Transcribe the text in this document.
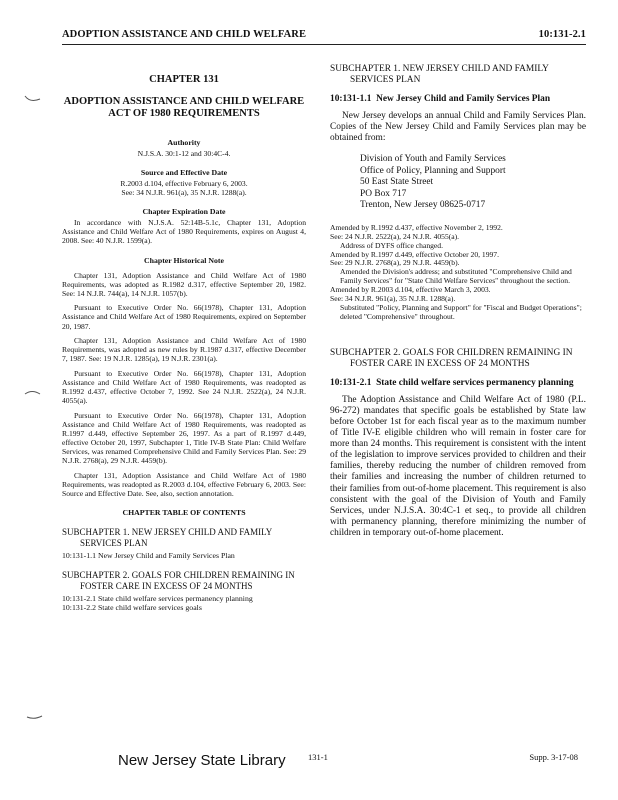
ADOPTION ASSISTANCE AND CHILD WELFARE	10:131-2.1
CHAPTER 131
ADOPTION ASSISTANCE AND CHILD WELFARE
ACT OF 1980 REQUIREMENTS
Authority
N.J.S.A. 30:1-12 and 30:4C-4.
Source and Effective Date
R.2003 d.104, effective February 6, 2003.
See: 34 N.J.R. 961(a), 35 N.J.R. 1288(a).
Chapter Expiration Date

In accordance with N.J.S.A. 52:14B-5.1c, Chapter 131, Adoption Assistance and Child Welfare Act of 1980 Requirements, expires on August 4, 2008. See: 40 N.J.R. 1599(a).

Chapter Historical Note

Chapter 131, Adoption Assistance and Child Welfare Act of 1980 Requirements, was adopted as R.1982 d.317, effective September 20, 1982. See: 14 N.J.R. 744(a), 14 N.J.R. 1057(b).

Pursuant to Executive Order No. 66(1978), Chapter 131, Adoption Assistance and Child Welfare Act of 1980 Requirements, expired on September 20, 1987.

Chapter 131, Adoption Assistance and Child Welfare Act of 1980 Requirements, was adopted as new rules by R.1987 d.317, effective December 7, 1987. See: 19 N.J.R. 1285(a), 19 N.J.R. 2301(a).

Pursuant to Executive Order No. 66(1978), Chapter 131, Adoption Assistance and Child Welfare Act of 1980 Requirements, was readopted as R.1992 d.437, effective October 7, 1992. See 24 N.J.R. 2522(a), 24 N.J.R. 4055(a).

Pursuant to Executive Order No. 66(1978), Chapter 131, Adoption Assistance and Child Welfare Act of 1980 Requirements, was readopted as R.1997 d.449, effective September 26, 1997. As a part of R.1997 d.449, effective October 20, 1997, Subchapter 1, Title IV-B State Plan: Child Welfare Services, was renamed Comprehensive Child and Family Services Plan. See: 29 N.J.R. 2768(a), 29 N.J.R. 4459(b).

Chapter 131, Adoption Assistance and Child Welfare Act of 1980 Requirements, was readopted as R.2003 d.104, effective February 6, 2003. See: Source and Effective Date. See, also, section annotation.

CHAPTER TABLE OF CONTENTS
SUBCHAPTER 1. NEW JERSEY CHILD AND FAMILY SERVICES PLAN
10:131-1.1 New Jersey Child and Family Services Plan
SUBCHAPTER 2. GOALS FOR CHILDREN REMAINING IN FOSTER CARE IN EXCESS OF 24 MONTHS
10:131-2.1 State child welfare services permanency planning
10:131-2.2 State child welfare services goals
SUBCHAPTER 1. NEW JERSEY CHILD AND FAMILY SERVICES PLAN
10:131-1.1 New Jersey Child and Family Services Plan

New Jersey develops an annual Child and Family Services Plan. Copies of the New Jersey Child and Family Services plan may be obtained from:

Division of Youth and Family Services
Office of Policy, Planning and Support
50 East State Street
PO Box 717
Trenton, New Jersey 08625-0717
Amended by R.1992 d.437, effective November 2, 1992.
See: 24 N.J.R. 2522(a), 24 N.J.R. 4055(a).
Address of DYFS office changed.
Amended by R.1997 d.449, effective October 20, 1997.
See: 29 N.J.R. 2768(a), 29 N.J.R. 4459(b).
Amended the Division's address; and substituted "Comprehensive Child and Family Services" for "State Child Welfare Services" throughout the section.
Amended by R.2003 d.104, effective March 3, 2003.
See: 34 N.J.R. 961(a), 35 N.J.R. 1288(a).
Substituted "Policy, Planning and Support" for "Fiscal and Budget Operations"; deleted "Comprehensive" throughout.
SUBCHAPTER 2. GOALS FOR CHILDREN REMAINING IN FOSTER CARE IN EXCESS OF 24 MONTHS
10:131-2.1 State child welfare services permanency planning

The Adoption Assistance and Child Welfare Act of 1980 (P.L. 96-272) mandates that specific goals be established by State law before October 1st for each fiscal year as to the maximum number of Title IV-E eligible children who will remain in foster care for more than 24 months. This requirement is consistent with the intent of the legislation to improve services provided to children and their families, thereby reducing the number of children removed from their families and increasing the number of children returned to their families from out-of-home placement. This requirement is also consistent with the goal of the Division of Youth and Family Services, under N.J.S.A. 30:4C-1 et seq., to provide all children with permanency planning, therefore minimizing the number of children in temporary out-of-home placement.

New Jersey State Library	131-1	Supp. 3-17-08
